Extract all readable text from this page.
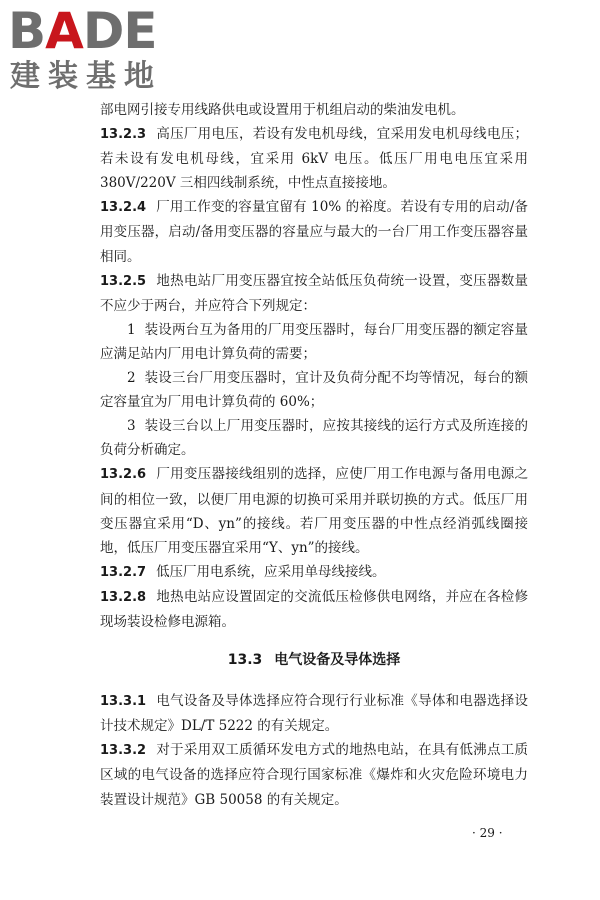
BADE
建装基地

部电网引接专用线路供电或设置用于机组启动的柴油发电机。

13.2.3 高压厂用电压，若设有发电机母线，宜采用发电机母线电压；若未设有发电机母线，宜采用 6kV 电压。低压厂用电电压宜采用 380V/220V 三相四线制系统，中性点直接接地。

13.2.4 厂用工作变的容量宜留有 10% 的裕度。若设有专用的启动/备用变压器，启动/备用变压器的容量应与最大的一台厂用工作变压器容量相同。

13.2.5 地热电站厂用变压器宜按全站低压负荷统一设置，变压器数量不应少于两台，并应符合下列规定：

1 装设两台互为备用的厂用变压器时，每台厂用变压器的额定容量应满足站内厂用电计算负荷的需要；

2 装设三台厂用变压器时，宜计及负荷分配不均等情况，每台的额定容量宜为厂用电计算负荷的 60%；

3 装设三台以上厂用变压器时，应按其接线的运行方式及所连接的负荷分析确定。

13.2.6 厂用变压器接线组别的选择，应使厂用工作电源与备用电源之间的相位一致，以便厂用电源的切换可采用并联切换的方式。低压厂用变压器宜采用“D、yn”的接线。若厂用变压器的中性点经消弧线圈接地，低压厂用变压器宜采用“Y、yn”的接线。

13.2.7 低压厂用电系统，应采用单母线接线。

13.2.8 地热电站应设置固定的交流低压检修供电网络，并应在各检修现场装设检修电源箱。

13.3 电气设备及导体选择

13.3.1 电气设备及导体选择应符合现行行业标准《导体和电器选择设计技术规定》DL/T 5222 的有关规定。

13.3.2 对于采用双工质循环发电方式的地热电站，在具有低沸点工质区域的电气设备的选择应符合现行国家标准《爆炸和火灾危险环境电力装置设计规范》GB 50058 的有关规定。

· 29 ·
